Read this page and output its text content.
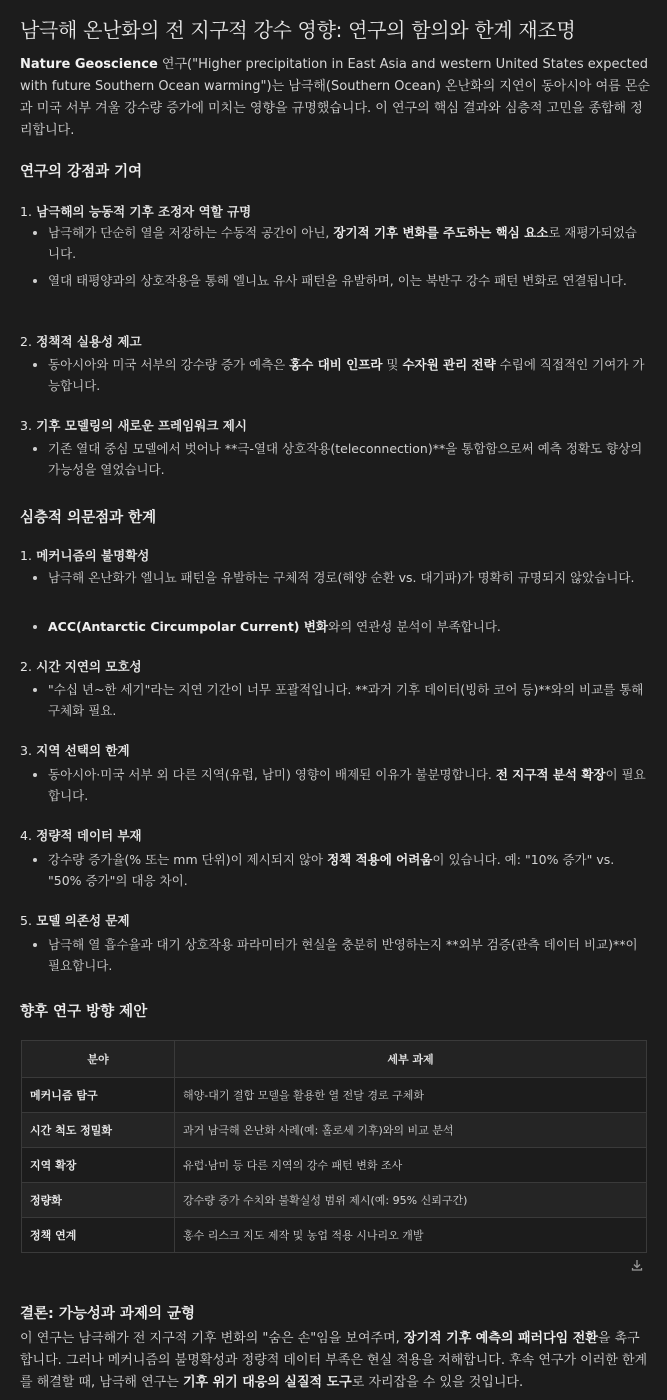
남극해 온난화의 전 지구적 강수 영향: 연구의 함의와 한계 재조명

Nature Geoscience 연구("Higher precipitation in East Asia and western United States expected with future Southern Ocean warming")는 남극해(Southern Ocean) 온난화의 지연이 동아시아 여름 몬순과 미국 서부 겨울 강수량 증가에 미치는 영향을 규명했습니다. 이 연구의 핵심 결과와 심층적 고민을 종합해 정리합니다.

연구의 강점과 기여
1. 남극해의 능동적 기후 조정자 역할 규명

남극해가 단순히 열을 저장하는 수동적 공간이 아닌, 장기적 기후 변화를 주도하는 핵심 요소로 재평가되었습니다.

열대 태평양과의 상호작용을 통해 엘니뇨 유사 패턴을 유발하며, 이는 북반구 강수 패턴 변화로 연결됩니다.

2. 정책적 실용성 제고

동아시아와 미국 서부의 강수량 증가 예측은 홍수 대비 인프라 및 수자원 관리 전략 수립에 직접적인 기여가 가능합니다.

3. 기후 모델링의 새로운 프레임워크 제시

기존 열대 중심 모델에서 벗어나 **극-열대 상호작용(teleconnection)**을 통합함으로써 예측 정확도 향상의 가능성을 열었습니다.

심층적 의문점과 한계
1. 메커니즘의 불명확성

남극해 온난화가 엘니뇨 패턴을 유발하는 구체적 경로(해양 순환 vs. 대기파)가 명확히 규명되지 않았습니다.

ACC(Antarctic Circumpolar Current) 변화와의 연관성 분석이 부족합니다.

2. 시간 지연의 모호성

"수십 년~한 세기"라는 지연 기간이 너무 포괄적입니다. **과거 기후 데이터(빙하 코어 등)**와의 비교를 통해 구체화 필요.

3. 지역 선택의 한계

동아시아·미국 서부 외 다른 지역(유럽, 남미) 영향이 배제된 이유가 불분명합니다. 전 지구적 분석 확장이 필요합니다.

4. 정량적 데이터 부재

강수량 증가율(% 또는 mm 단위)이 제시되지 않아 정책 적용에 어려움이 있습니다. 예: "10% 증가" vs. "50% 증가"의 대응 차이.

5. 모델 의존성 문제

남극해 열 흡수율과 대기 상호작용 파라미터가 현실을 충분히 반영하는지 **외부 검증(관측 데이터 비교)**이 필요합니다.

향후 연구 방향 제안
분야	세부 과제
메커니즘 탐구	해양-대기 결합 모델을 활용한 열 전달 경로 구체화
시간 척도 정밀화	과거 남극해 온난화 사례(예: 홀로세 기후)와의 비교 분석
지역 확장	유럽·남미 등 다른 지역의 강수 패턴 변화 조사
정량화	강수량 증가 수치와 불확실성 범위 제시(예: 95% 신뢰구간)
정책 연계	홍수 리스크 지도 제작 및 농업 적용 시나리오 개발
결론: 가능성과 과제의 균형

이 연구는 남극해가 전 지구적 기후 변화의 "숨은 손"임을 보여주며, 장기적 기후 예측의 패러다임 전환을 촉구합니다. 그러나 메커니즘의 불명확성과 정량적 데이터 부족은 현실 적용을 저해합니다. 후속 연구가 이러한 한계를 해결할 때, 남극해 연구는 기후 위기 대응의 실질적 도구로 자리잡을 수 있을 것입니다.
